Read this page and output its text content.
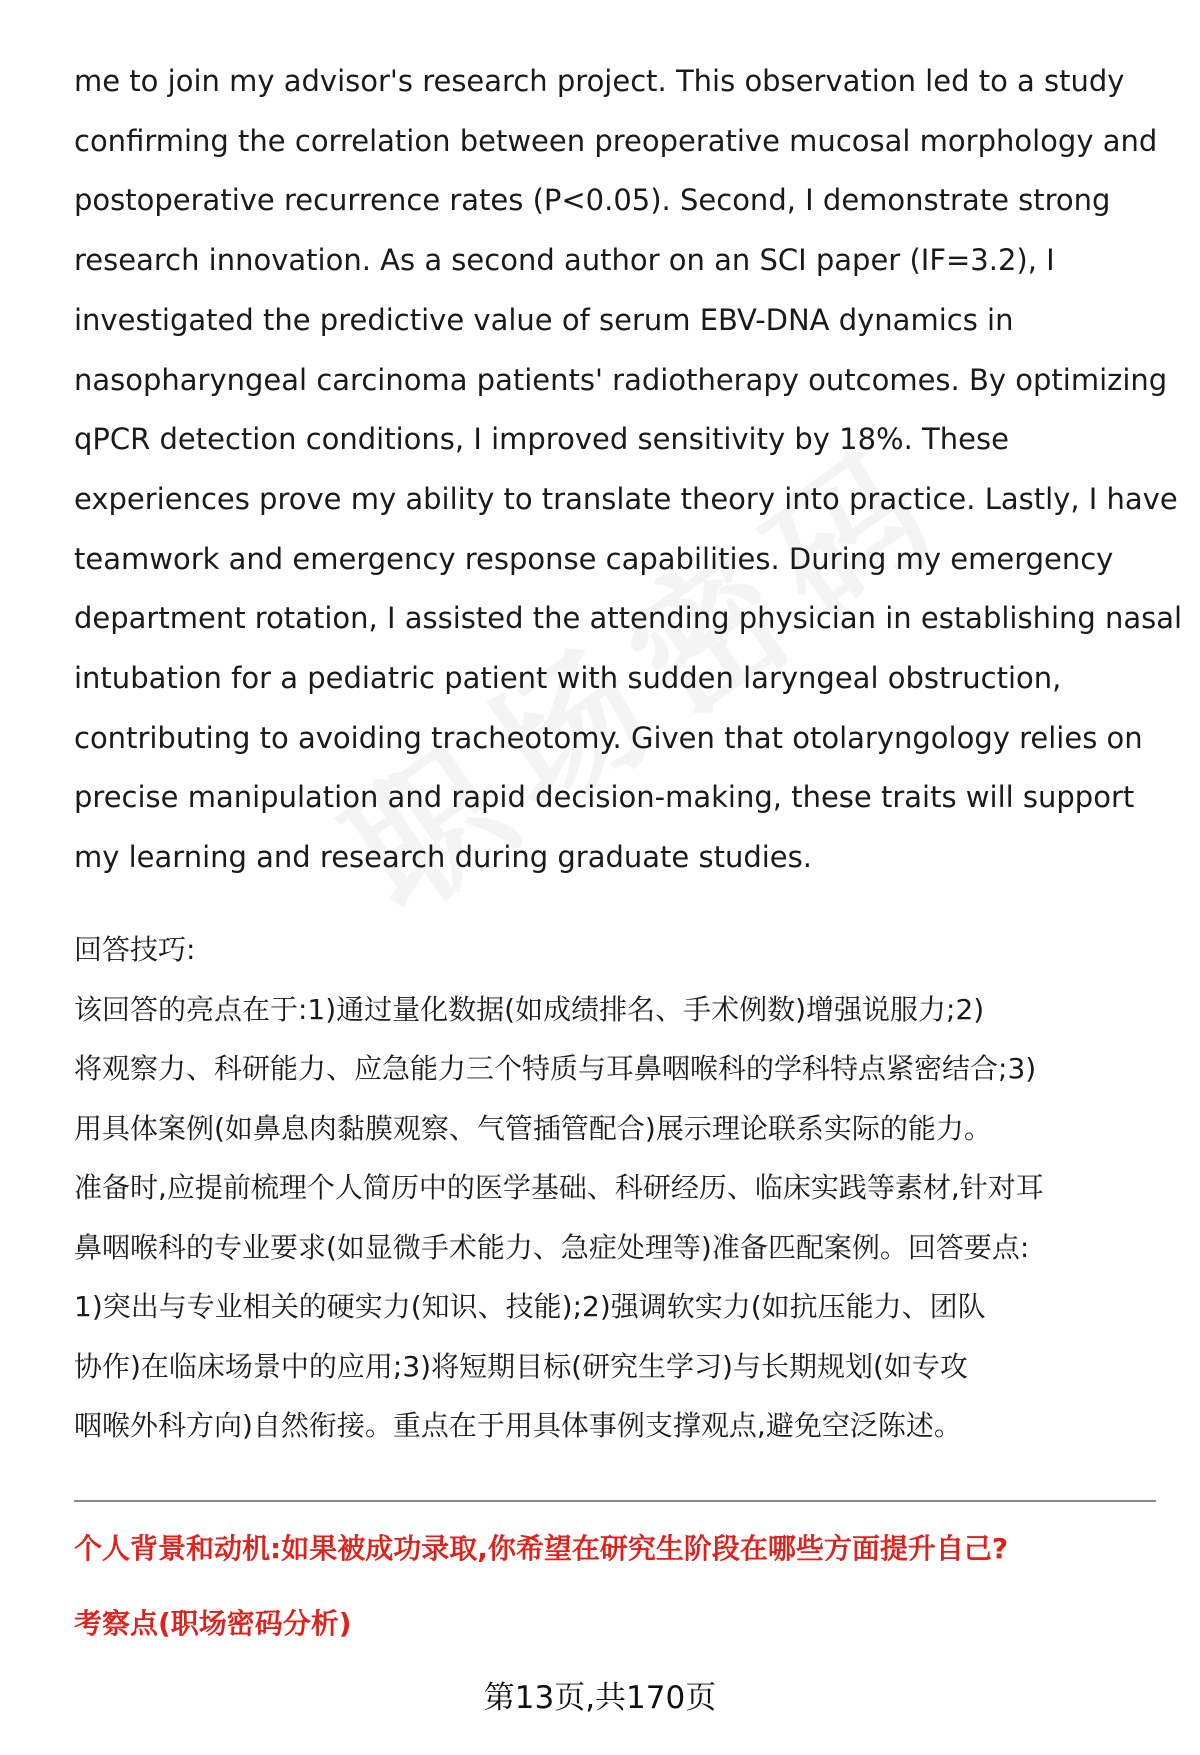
me to join my advisor's research project. This observation led to a study

confirming the correlation between preoperative mucosal morphology and

postoperative recurrence rates (P<0.05). Second, I demonstrate strong

research innovation. As a second author on an SCI paper (IF=3.2), I

investigated the predictive value of serum EBV-DNA dynamics in

nasopharyngeal carcinoma patients' radiotherapy outcomes. By optimizing

qPCR detection conditions, I improved sensitivity by 18%. These

experiences prove my ability to translate theory into practice. Lastly, I have

teamwork and emergency response capabilities. During my emergency

department rotation, I assisted the attending physician in establishing nasal

intubation for a pediatric patient with sudden laryngeal obstruction,

contributing to avoiding tracheotomy. Given that otolaryngology relies on

precise manipulation and rapid decision-making, these traits will support

my learning and research during graduate studies.

回答技巧:

该回答的亮点在于:1)通过量化数据(如成绩排名、手术例数)增强说服力;2)

将观察力、科研能力、应急能力三个特质与耳鼻咽喉科的学科特点紧密结合;3)

用具体案例(如鼻息肉黏膜观察、气管插管配合)展示理论联系实际的能力。

准备时,应提前梳理个人简历中的医学基础、科研经历、临床实践等素材,针对耳

鼻咽喉科的专业要求(如显微手术能力、急症处理等)准备匹配案例。回答要点:

1)突出与专业相关的硬实力(知识、技能);2)强调软实力(如抗压能力、团队

协作)在临床场景中的应用;3)将短期目标(研究生学习)与长期规划(如专攻

咽喉外科方向)自然衔接。重点在于用具体事例支撑观点,避免空泛陈述。

个人背景和动机:如果被成功录取,你希望在研究生阶段在哪些方面提升自己?
考察点(职场密码分析)
第13页,共170页
